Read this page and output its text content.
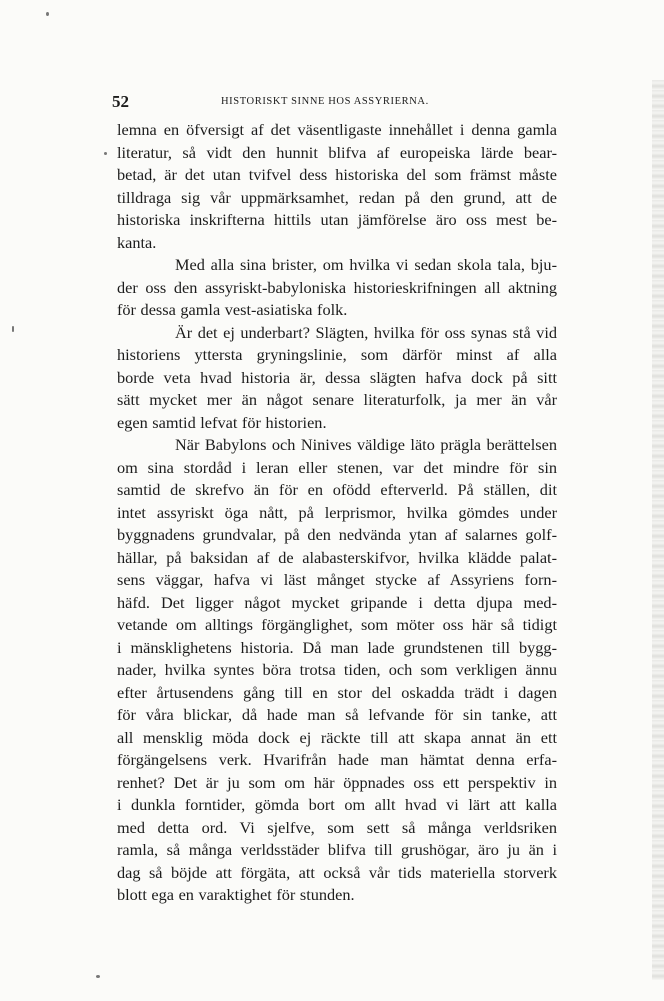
52	HISTORISKT SINNE HOS ASSYRIERNA.
lemna en öfversigt af det väsentligaste innehållet i denna gamla
literatur, så vidt den hunnit blifva af europeiska lärde bear-
betad, är det utan tvifvel dess historiska del som främst måste
tilldraga sig vår uppmärksamhet, redan på den grund, att de
historiska inskrifterna hittils utan jämförelse äro oss mest be-
kanta.
Med alla sina brister, om hvilka vi sedan skola tala, bju-
der oss den assyriskt-babyloniska historieskrifningen all aktning
för dessa gamla vest-asiatiska folk.
Är det ej underbart? Slägten, hvilka för oss synas stå vid
historiens yttersta gryningslinie, som därför minst af alla
borde veta hvad historia är, dessa slägten hafva dock på sitt
sätt mycket mer än något senare literaturfolk, ja mer än vår
egen samtid lefvat för historien.
När Babylons och Ninives väldige läto prägla berättelsen
om sina stordåd i leran eller stenen, var det mindre för sin
samtid de skrefvo än för en ofödd efterverld. På ställen, dit
intet assyriskt öga nått, på lerprismor, hvilka gömdes under
byggnadens grundvalar, på den nedvända ytan af salarnes golf-
hällar, på baksidan af de alabasterskifvor, hvilka klädde palat-
sens väggar, hafva vi läst månget stycke af Assyriens forn-
häfd. Det ligger något mycket gripande i detta djupa med-
vetande om alltings förgänglighet, som möter oss här så tidigt
i mänsklighetens historia. Då man lade grundstenen till bygg-
nader, hvilka syntes böra trotsa tiden, och som verkligen ännu
efter årtusendens gång till en stor del oskadda trädt i dagen
för våra blickar, då hade man så lefvande för sin tanke, att
all mensklig möda dock ej räckte till att skapa annat än ett
förgängelsens verk. Hvarifrån hade man hämtat denna erfa-
renhet? Det är ju som om här öppnades oss ett perspektiv in
i dunkla forntider, gömda bort om allt hvad vi lärt att kalla
med detta ord. Vi sjelfve, som sett så många verldsriken
ramla, så många verldsstäder blifva till grushögar, äro ju än i
dag så böjde att förgäta, att också vår tids materiella storverk
blott ega en varaktighet för stunden.
